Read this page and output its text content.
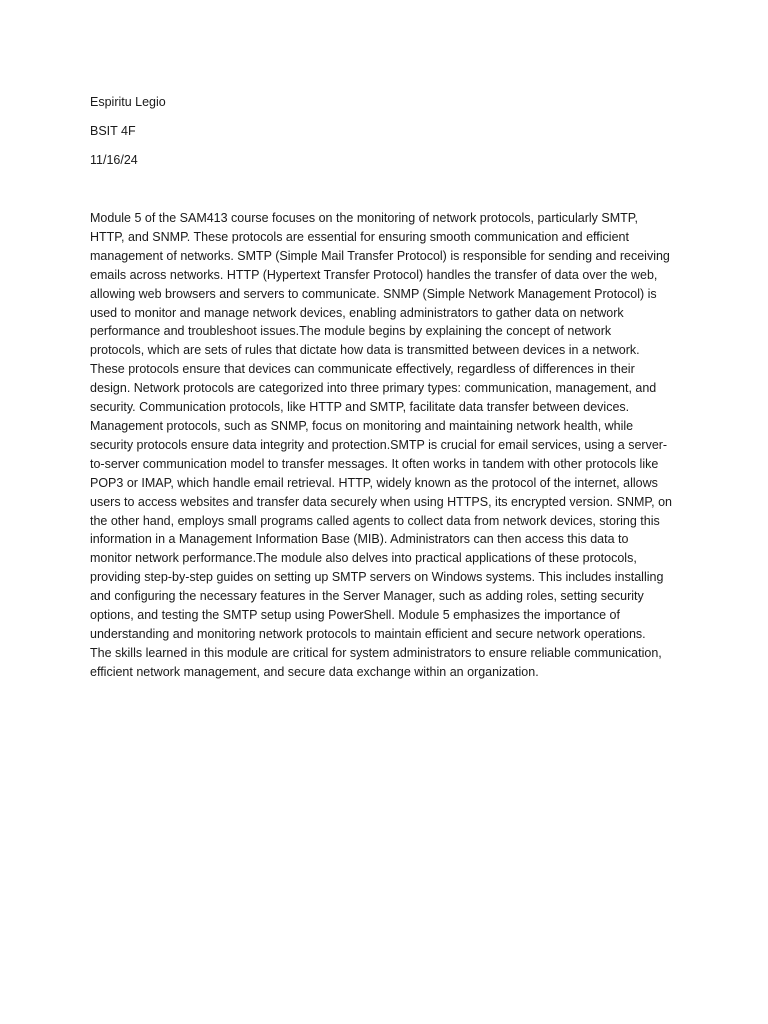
Espiritu Legio
BSIT 4F
11/16/24

Module 5 of the SAM413 course focuses on the monitoring of network protocols, particularly SMTP,
HTTP, and SNMP. These protocols are essential for ensuring smooth communication and efficient
management of networks. SMTP (Simple Mail Transfer Protocol) is responsible for sending and receiving
emails across networks. HTTP (Hypertext Transfer Protocol) handles the transfer of data over the web,
allowing web browsers and servers to communicate. SNMP (Simple Network Management Protocol) is
used to monitor and manage network devices, enabling administrators to gather data on network
performance and troubleshoot issues.The module begins by explaining the concept of network
protocols, which are sets of rules that dictate how data is transmitted between devices in a network.
These protocols ensure that devices can communicate effectively, regardless of differences in their
design. Network protocols are categorized into three primary types: communication, management, and
security. Communication protocols, like HTTP and SMTP, facilitate data transfer between devices.
Management protocols, such as SNMP, focus on monitoring and maintaining network health, while
security protocols ensure data integrity and protection.SMTP is crucial for email services, using a server-
to-server communication model to transfer messages. It often works in tandem with other protocols like
POP3 or IMAP, which handle email retrieval. HTTP, widely known as the protocol of the internet, allows
users to access websites and transfer data securely when using HTTPS, its encrypted version. SNMP, on
the other hand, employs small programs called agents to collect data from network devices, storing this
information in a Management Information Base (MIB). Administrators can then access this data to
monitor network performance.The module also delves into practical applications of these protocols,
providing step-by-step guides on setting up SMTP servers on Windows systems. This includes installing
and configuring the necessary features in the Server Manager, such as adding roles, setting security
options, and testing the SMTP setup using PowerShell. Module 5 emphasizes the importance of
understanding and monitoring network protocols to maintain efficient and secure network operations.
The skills learned in this module are critical for system administrators to ensure reliable communication,
efficient network management, and secure data exchange within an organization.
